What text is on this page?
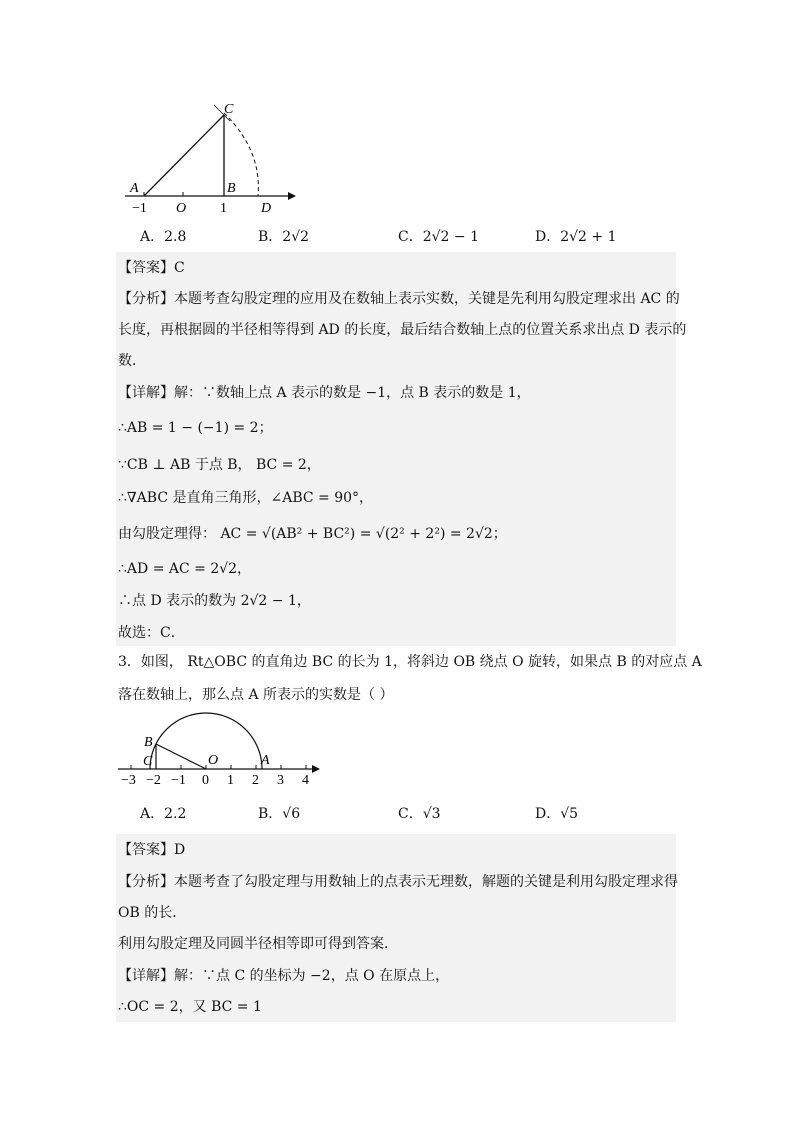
C
A	B
D
−1 O 1
A．2.8	B．2√2	C．2√2 − 1	D．2√2 + 1
【答案】C
【分析】本题考查勾股定理的应用及在数轴上表示实数，关键是先利用勾股定理求出 AC 的
长度，再根据圆的半径相等得到 AD 的长度，最后结合数轴上点的位置关系求出点 D 表示的
数．
【详解】解：∵数轴上点 A 表示的数是 −1，点 B 表示的数是 1，
∴AB = 1 − (−1) = 2；
∵CB ⊥ AB 于点 B， BC = 2，
∴∇ABC 是直角三角形，∠ABC = 90°，
由勾股定理得： AC = √(AB² + BC²) = √(2² + 2²) = 2√2；
∴AD = AC = 2√2，
∴点 D 表示的数为 2√2 − 1，
故选：C．
3．如图， Rt△OBC 的直角边 BC 的长为 1，将斜边 OB 绕点 O 旋转，如果点 B 的对应点 A
落在数轴上，那么点 A 所表示的实数是（ ）
B
C	O	A
−3 −2 −1 0 1 2 3 4
A．2.2	B．√6	C．√3	D．√5
【答案】D
【分析】本题考查了勾股定理与用数轴上的点表示无理数，解题的关键是利用勾股定理求得
OB 的长．
利用勾股定理及同圆半径相等即可得到答案．
【详解】解：∵点 C 的坐标为 −2，点 O 在原点上，
∴OC = 2，又 BC = 1
